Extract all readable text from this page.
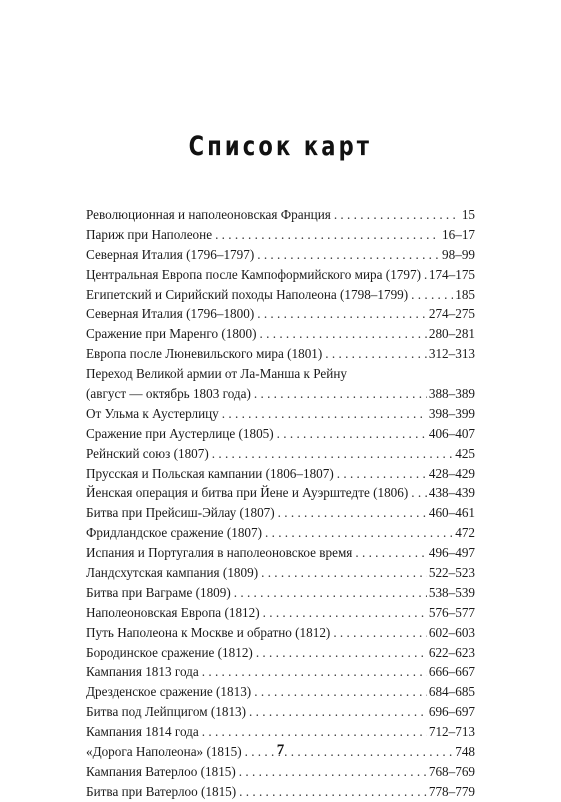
Список карт
Революционная и наполеоновская Франция . . .	15
Париж при Наполеоне . . .	16–17
Северная Италия (1796–1797) . . .	98–99
Центральная Европа после Кампоформийского мира (1797) . . . 174–175
Египетский и Сирийский походы Наполеона (1798–1799) . . .	185
Северная Италия (1796–1800) . . .	274–275
Сражение при Маренго (1800) . . .	280–281
Европа после Люневильского мира (1801) . . .	312–313
Переход Великой армии от Ла-Манша к Рейну
(август — октябрь 1803 года) . . .	388–389
От Ульма к Аустерлицу . . .	398–399
Сражение при Аустерлице (1805) . . .	406–407
Рейнский союз (1807) . . .	425
Прусская и Польская кампании (1806–1807) . . .	428–429
Йенская операция и битва при Йене и Ауэрштедте (1806) . . . 438–439
Битва при Прейсиш-Эйлау (1807) . . .	460–461
Фридландское сражение (1807) . . .	472
Испания и Португалия в наполеоновское время . . .	496–497
Ландсхутская кампания (1809) . . .	522–523
Битва при Ваграме (1809) . . .	538–539
Наполеоновская Европа (1812) . . .	576–577
Путь Наполеона к Москве и обратно (1812) . . .	602–603
Бородинское сражение (1812) . . .	622–623
Кампания 1813 года . . .	666–667
Дрезденское сражение (1813) . . .	684–685
Битва под Лейпцигом (1813) . . .	696–697
Кампания 1814 года . . .	712–713
«Дорога Наполеона» (1815) . . .	748
Кампания Ватерлоо (1815) . . .	768–769
Битва при Ватерлоо (1815) . . .	778–779
7
